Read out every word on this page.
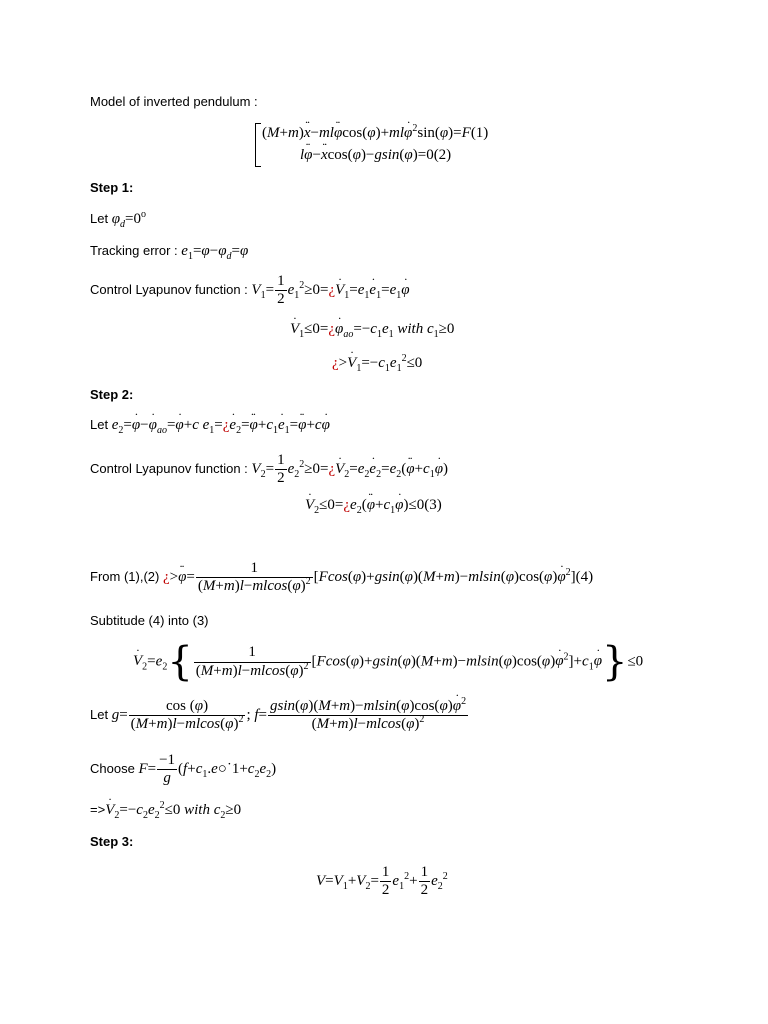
Model of inverted pendulum :
(M+m)x ··−mlφ ··cos(φ)+mlφ ·$^2$sin(φ)=F(1)
lφ ··−x ··cos(φ)−gsin(φ)=0(2)
Step 1:
Let $\varphi_d=0^o$
Tracking error : $e_1=\varphi-\varphi_d=\varphi$
Control Lyapunov function : $V_1= \frac{1}{2}$ $e_1^2\ge 0=¿V \cdot_1=e_1e \cdot_1=e_1\varphi$ ·
$V \cdot_1\le 0=¿\varphi \cdot_{ao}=-c_1e_1$ with $c_1\ge 0$
¿$>V \cdot_1=-c_1e_1^2\le 0$
Step 2:
Let $e_2=\varphi \cdot-\varphi \cdot_{ao}=\varphi \cdot+c$ $e_1=¿e \cdot_2=\varphi \cdot\cdot+c_1e \cdot_1=\varphi \cdot\cdot+c\varphi$ ·
Control Lyapunov function : $V_2= \frac{1}{2}$ $e_2^2\ge 0=¿V \cdot_2=e_2e \cdot_2=e_2(\varphi \cdot\cdot+c_1\varphi$ ·)
$V \cdot_2\le 0=¿e_2(\varphi \cdot\cdot+c_1\varphi \cdot)\le 0(3)$
From (1),(2) ¿>φ ··= $\frac{1}{(M+m)l-mlcos(\varphi)^2} [Fcos(\varphi)+gsin(\varphi)(M+m)-mlsin(\varphi)\cos(\varphi)\varphi \cdot^2](4)$
Subtitude (4) into (3)
$V \cdot_2=e_2\{ \frac{1}{(M+m)l-mlcos(\varphi)^2} [Fcos(\varphi)+gsin(\varphi)(M+m)-mlsin(\varphi)\cos(\varphi)\varphi \cdot^2]+c_1\varphi \cdot\}\le 0$
Let $g= \frac{\cos (\varphi)}{(M+m)l-mlcos(\varphi)^2}$ ; $f= \frac{gsin(\varphi)(M+m)-mlsin(\varphi)\cos(\varphi)\varphi \cdot^2}{(M+m)l-mlcos(\varphi)^2}$
Choose $F= \frac{-1}{g}$ $(f+c_1.e○˙1+c_2e_2)$
$=>V \cdot_2=-c_2e_2^2\le 0$ with $c_2\ge 0$
Step 3:
$V=V_1+V_2= \frac{1}{2} e_1^2+ \frac{1}{2} e_2^2$
